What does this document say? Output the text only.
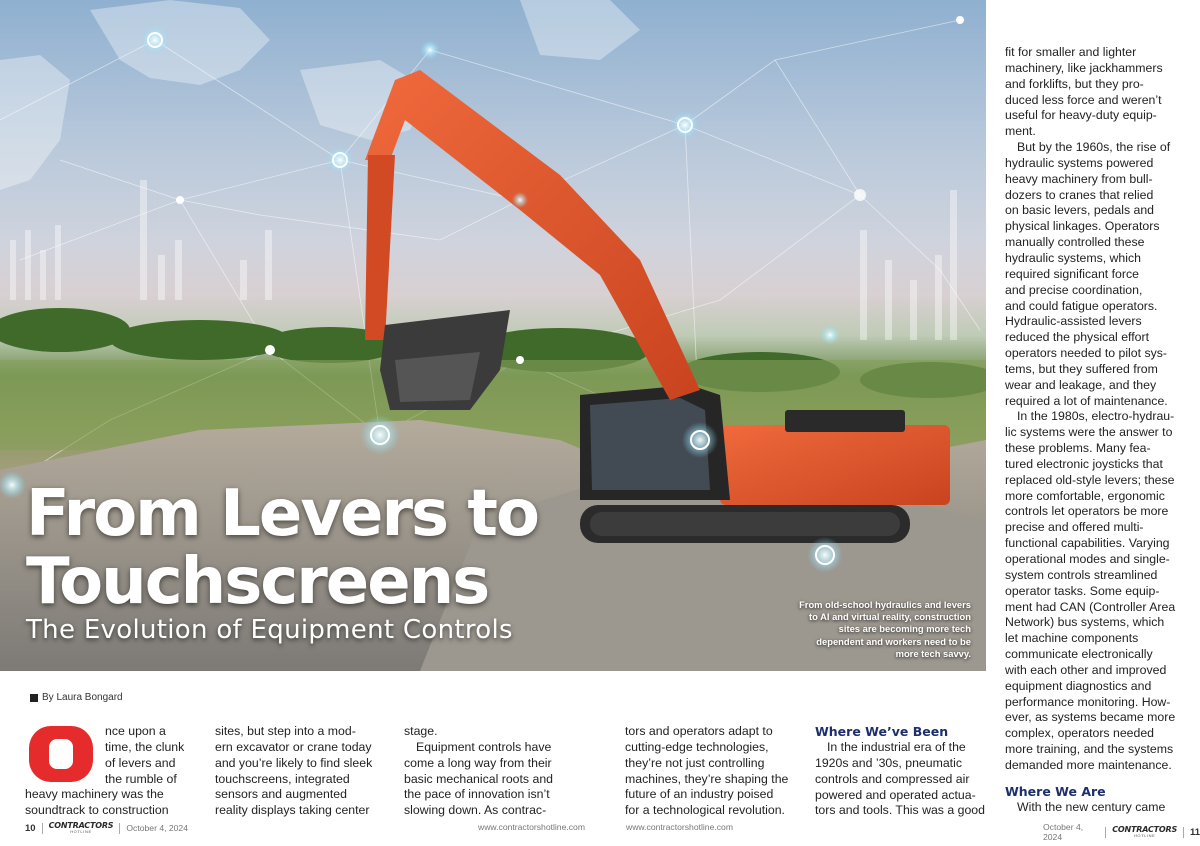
From Levers to
Touchscreens
The Evolution of Equipment Controls
From old-school hydraulics and levers to AI and virtual reality, construction sites are becoming more tech dependent and workers need to be more tech savvy.
By Laura Bongard

nce upon a

time, the clunk

of levers and

the rumble of

heavy machinery was the

soundtrack to construction

sites, but step into a mod-

ern excavator or crane today

and you’re likely to find sleek

touchscreens, integrated

sensors and augmented

reality displays taking center

stage.

Equipment controls have

come a long way from their

basic mechanical roots and

the pace of innovation isn’t

slowing down. As contrac-

tors and operators adapt to

cutting-edge technologies,

they’re not just controlling

machines, they’re shaping the

future of an industry poised

for a technological revolution.

Where We’ve Been

In the industrial era of the

1920s and ’30s, pneumatic

controls and compressed air

powered and operated actua-

tors and tools. This was a good

fit for smaller and lighter

machinery, like jackhammers

and forklifts, but they pro-

duced less force and weren’t

useful for heavy-duty equip-

ment.

But by the 1960s, the rise of

hydraulic systems powered

heavy machinery from bull-

dozers to cranes that relied

on basic levers, pedals and

physical linkages. Operators

manually controlled these

hydraulic systems, which

required significant force

and precise coordination,

and could fatigue operators.

Hydraulic-assisted levers

reduced the physical effort

operators needed to pilot sys-

tems, but they suffered from

wear and leakage, and they

required a lot of maintenance.

In the 1980s, electro-hydrau-

lic systems were the answer to

these problems. Many fea-

tured electronic joysticks that

replaced old-style levers; these

more comfortable, ergonomic

controls let operators be more

precise and offered multi-

functional capabilities. Varying

operational modes and single-

system controls streamlined

operator tasks. Some equip-

ment had CAN (Controller Area

Network) bus systems, which

let machine components

communicate electronically

with each other and improved

equipment diagnostics and

performance monitoring. How-

ever, as systems became more

complex, operators needed

more training, and the systems

demanded more maintenance.

Where We Are

With the new century came

10 CONTRACTORS
HOTLINE	October 4, 2024	www.contractorshotline.com	www.contractorshotline.com	October 4, 2024
CONTRACTORS
HOTLINE	11
